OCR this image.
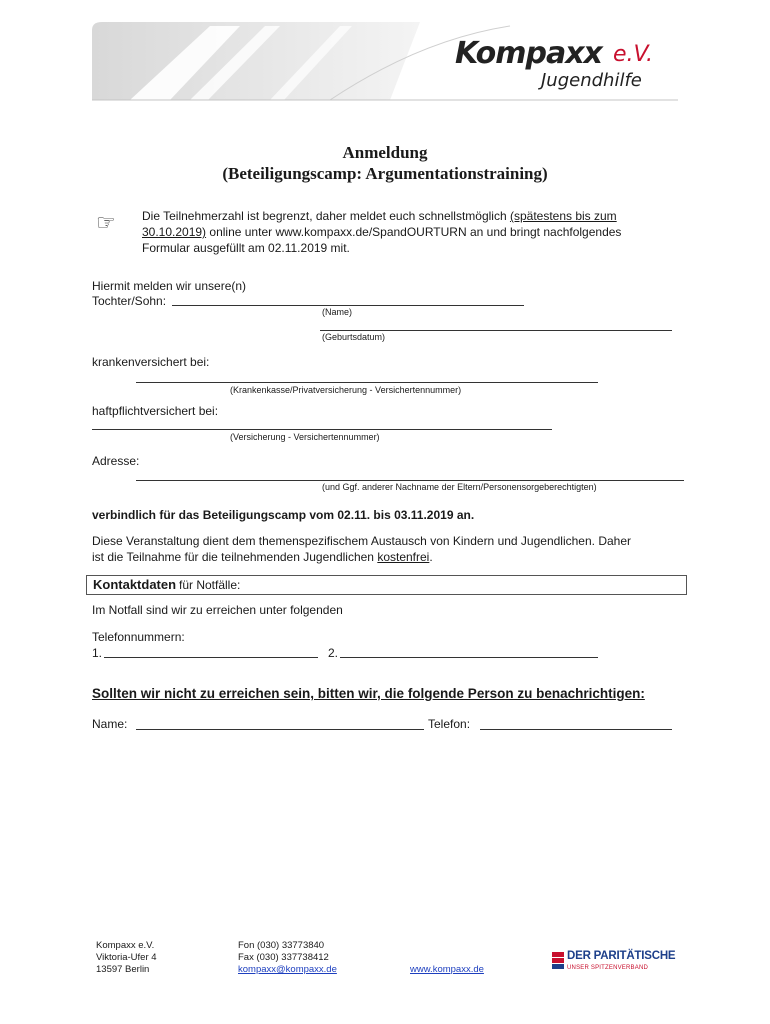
Kompaxx e.V.
Jugendhilfe
Anmeldung
(Beteiligungscamp: Argumentationstraining)
☞ Die Teilnehmerzahl ist begrenzt, daher meldet euch schnellstmöglich (spätestens bis zum
30.10.2019) online unter www.kompaxx.de/SpandOURTURN an und bringt nachfolgendes
Formular ausgefüllt am 02.11.2019 mit.
Hiermit melden wir unsere(n)
Tochter/Sohn:
(Name)
(Geburtsdatum)
krankenversichert bei:
(Krankenkasse/Privatversicherung - Versichertennummer)
haftpflichtversichert bei:
(Versicherung - Versichertennummer)
Adresse:
(und Ggf. anderer Nachname der Eltern/Personensorgeberechtigten)
verbindlich für das Beteiligungscamp vom 02.11. bis 03.11.2019 an.
Diese Veranstaltung dient dem themenspezifischem Austausch von Kindern und Jugendlichen. Daher
ist die Teilnahme für die teilnehmenden Jugendlichen kostenfrei.
Kontaktdaten für Notfälle:
Im Notfall sind wir zu erreichen unter folgenden
Telefonnummern:
1.	2.
Sollten wir nicht zu erreichen sein, bitten wir, die folgende Person zu benachrichtigen:
Name:	Telefon:
Kompaxx e.V.
Viktoria-Ufer 4
13597 Berlin
Fon (030) 33773840
Fax (030) 337738412
kompaxx@kompaxx.de	www.kompaxx.de
DER PARITÄTISCHE
UNSER SPITZENVERBAND
